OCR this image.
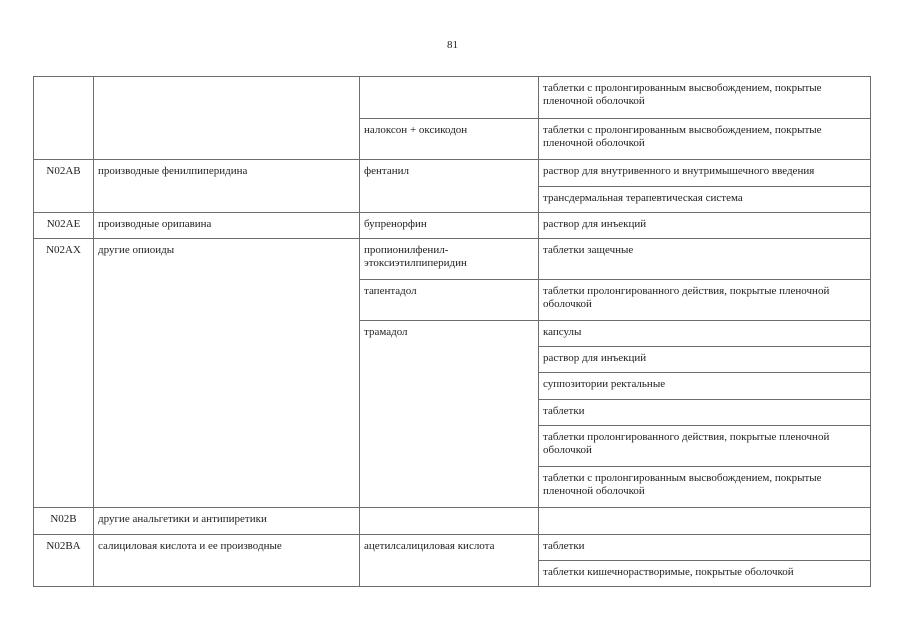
81
			таблетки с пролонгированным высвобождением, покрытые пленочной оболочкой
		налоксон + оксикодон	таблетки с пролонгированным высвобождением, покрытые пленочной оболочкой
N02AB	производные фенилпиперидина	фентанил	раствор для внутривенного и внутримышечного введения
			трансдермальная терапевтическая система
N02AE	производные орипавина	бупренорфин	раствор для инъекций
N02AX	другие опиоиды	пропионилфенил-этоксиэтилпиперидин	таблетки защечные
		тапентадол	таблетки пролонгированного действия, покрытые пленочной оболочкой
		трамадол	капсулы
			раствор для инъекций
			суппозитории ректальные
			таблетки
			таблетки пролонгированного действия, покрытые пленочной оболочкой
			таблетки с пролонгированным высвобождением, покрытые пленочной оболочкой
N02B	другие анальгетики и антипиретики		
N02BA	салициловая кислота и ее производные	ацетилсалициловая кислота	таблетки
			таблетки кишечнорастворимые, покрытые оболочкой
